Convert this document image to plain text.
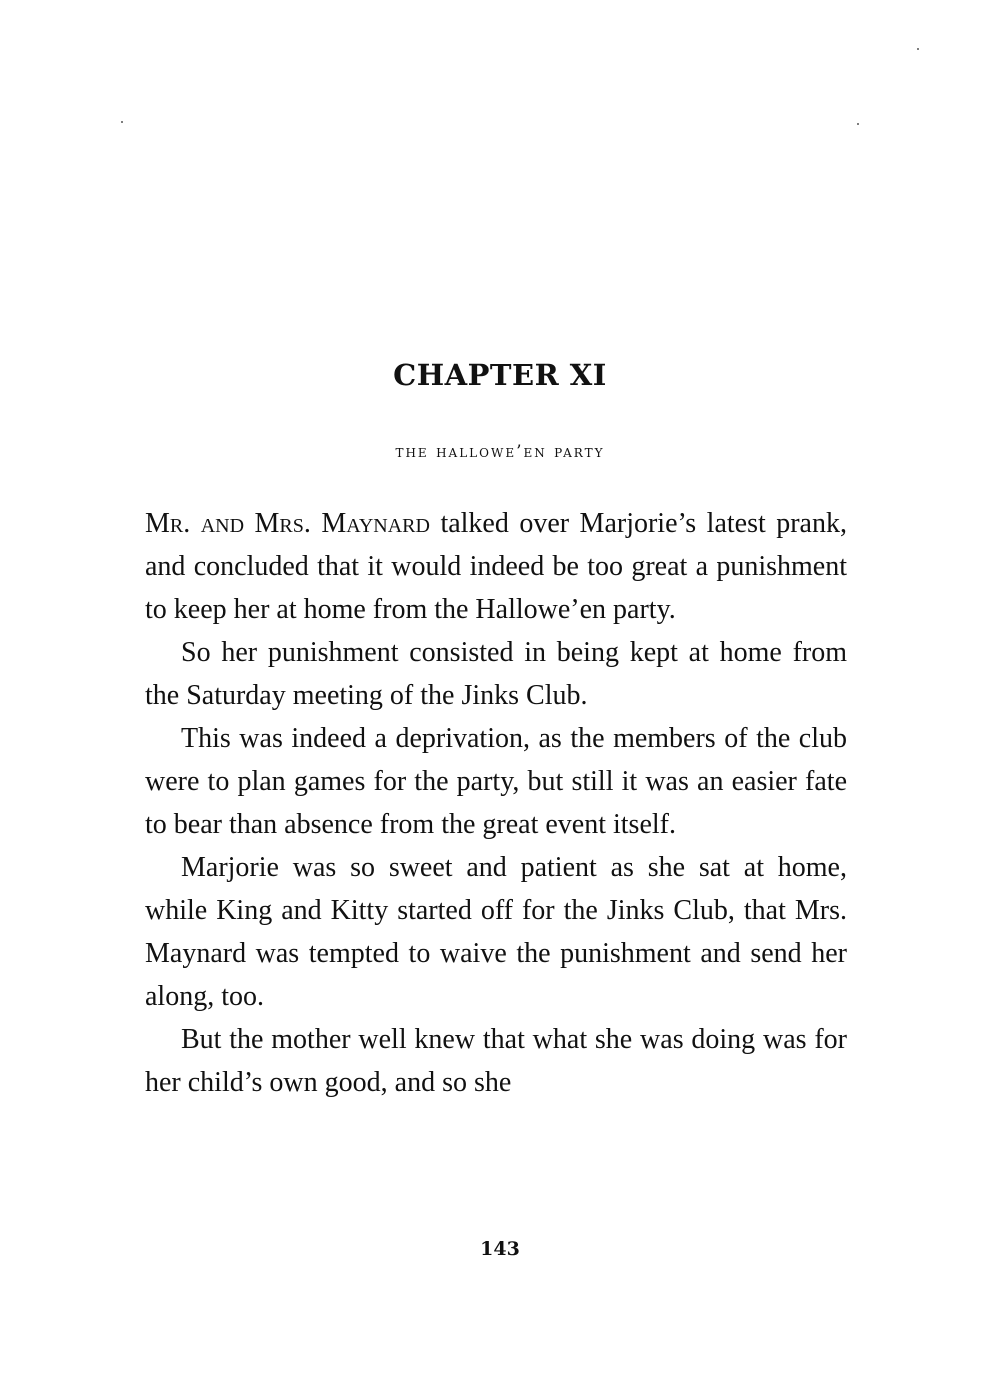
CHAPTER XI
the hallowe’en party

Mr. and Mrs. Maynard talked over Marjorie’s latest prank, and concluded that it would indeed be too great a punishment to keep her at home from the Hallowe’en party.

So her punishment consisted in being kept at home from the Saturday meeting of the Jinks Club.

This was indeed a deprivation, as the members of the club were to plan games for the party, but still it was an easier fate to bear than absence from the great event itself.

Marjorie was so sweet and patient as she sat at home, while King and Kitty started off for the Jinks Club, that Mrs. Maynard was tempted to waive the punishment and send her along, too.

But the mother well knew that what she was doing was for her child’s own good, and so she

143
